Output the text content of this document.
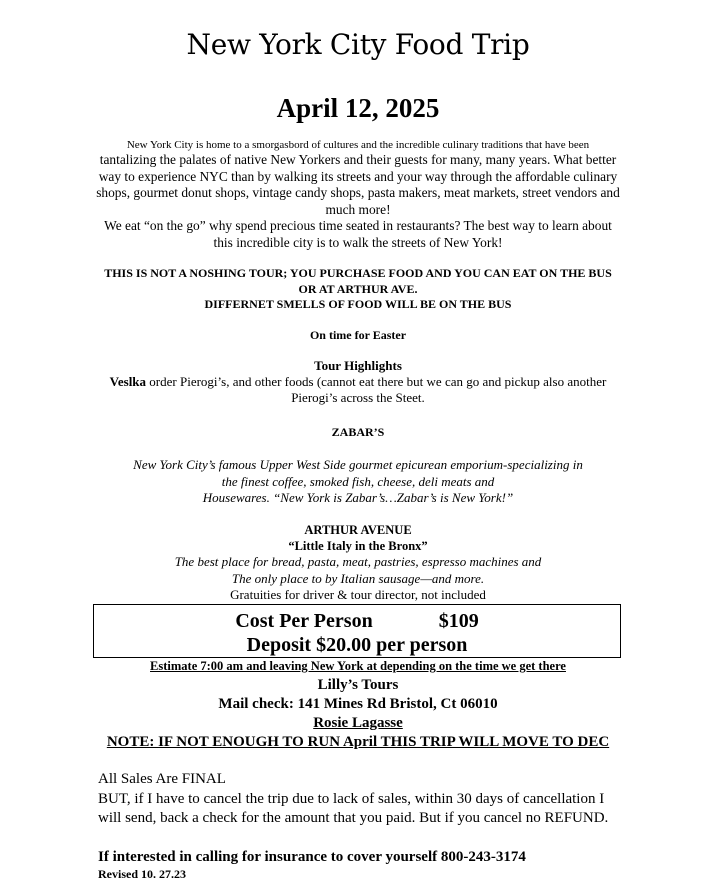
New York City Food Trip
April 12, 2025
New York City is home to a smorgasbord of cultures and the incredible culinary traditions that have been
tantalizing the palates of native New Yorkers and their guests for many, many years. What better way to experience NYC than by walking its streets and your way through the affordable culinary shops, gourmet donut shops, vintage candy shops, pasta makers, meat markets, street vendors and much more!
We eat “on the go” why spend precious time seated in restaurants? The best way to learn about this incredible city is to walk the streets of New York!
THIS IS NOT A NOSHING TOUR; YOU PURCHASE FOOD AND YOU CAN EAT ON THE BUS OR AT ARTHUR AVE.
DIFFERNET SMELLS OF FOOD WILL BE ON THE BUS
On time for Easter
Tour Highlights
Veslka order Pierogi’s, and other foods (cannot eat there but we can go and pickup also another Pierogi’s across the Steet.
ZABAR’S
New York City’s famous Upper West Side gourmet epicurean emporium-specializing in
the finest coffee, smoked fish, cheese, deli meats and
Housewares. “New York is Zabar’s…Zabar’s is New York!”
ARTHUR AVENUE
“Little Italy in the Bronx”
The best place for bread, pasta, meat, pastries, espresso machines and
The only place to by Italian sausage—and more.
Gratuities for driver & tour director, not included
Cost Per Person	$109
Deposit $20.00 per person
Estimate 7:00 am and leaving New York at depending on the time we get there
Lilly’s Tours
Mail check: 141 Mines Rd Bristol, Ct 06010
Rosie Lagasse
NOTE: IF NOT ENOUGH TO RUN April THIS TRIP WILL MOVE TO DEC
All Sales Are FINAL
BUT, if I have to cancel the trip due to lack of sales, within 30 days of cancellation I will send, back a check for the amount that you paid. But if you cancel no REFUND.
If interested in calling for insurance to cover yourself 800-243-3174
Revised 10. 27.23
